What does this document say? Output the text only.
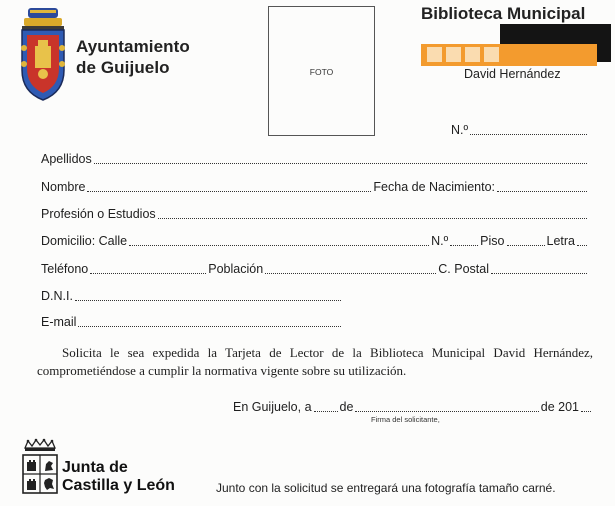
Ayuntamiento
de Guijuelo	FOTO
Biblioteca Municipal
David Hernández
N.º
Apellidos
Nombre	Fecha de Nacimiento:
Profesión o Estudios
Domicilio: Calle	N.º	Piso	Letra
Teléfono	Población	C. Postal
D.N.I.
E-mail
Solicita le sea expedida la Tarjeta de Lector de la Biblioteca Municipal David Hernández, comprometiéndose a cumplir la normativa vigente sobre su utilización.
En Guijuelo, a de	de 201
Firma del solicitante,
Junta de
Castilla y León	Junto con la solicitud se entregará una fotografía tamaño carné.
